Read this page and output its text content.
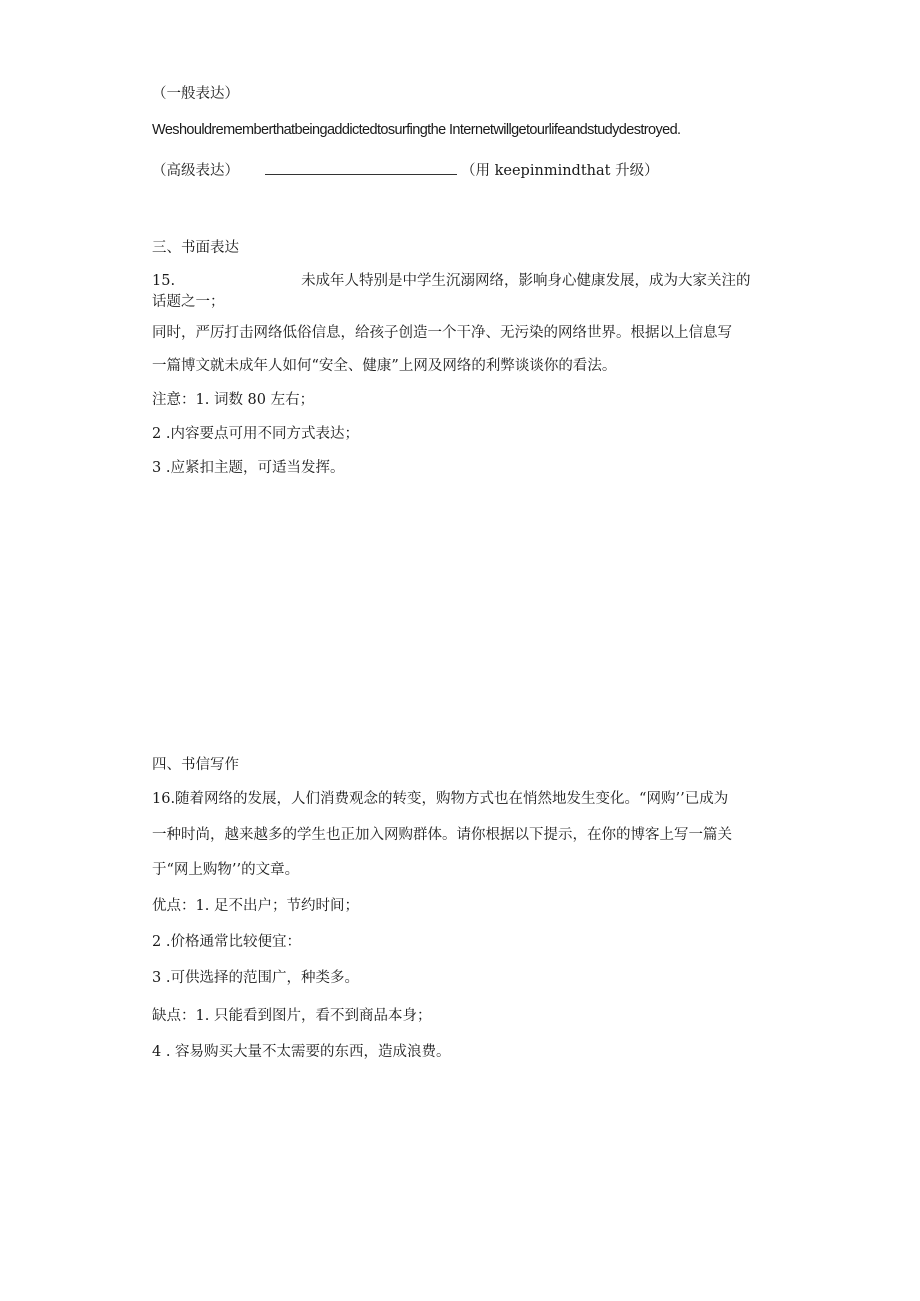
（一般表达）
Weshouldrememberthatbeingaddictedtosurfingthe Internetwillgetourlifeandstudydestroyed.
（高级表达）	（用 keepinmindthat 升级）
三、书面表达
15.	未成年人特别是中学生沉溺网络，影响身心健康发展，成为大家关注的
话题之一；
同时，严厉打击网络低俗信息，给孩子创造一个干净、无污染的网络世界。根据以上信息写
一篇博文就未成年人如何“安全、健康”上网及网络的利弊谈谈你的看法。
注意：1. 词数 80 左右；
2 .内容要点可用不同方式表达；
3 .应紧扣主题，可适当发挥。
四、书信写作
16.随着网络的发展，人们消费观念的转变，购物方式也在悄然地发生变化。“网购’’已成为
一种时尚，越来越多的学生也正加入网购群体。请你根据以下提示，在你的博客上写一篇关
于“网上购物’’的文章。
优点：1. 足不出户；节约时间；
2 .价格通常比较便宜：
3 .可供选择的范围广，种类多。
缺点：1. 只能看到图片，看不到商品本身；
4 . 容易购买大量不太需要的东西，造成浪费。
